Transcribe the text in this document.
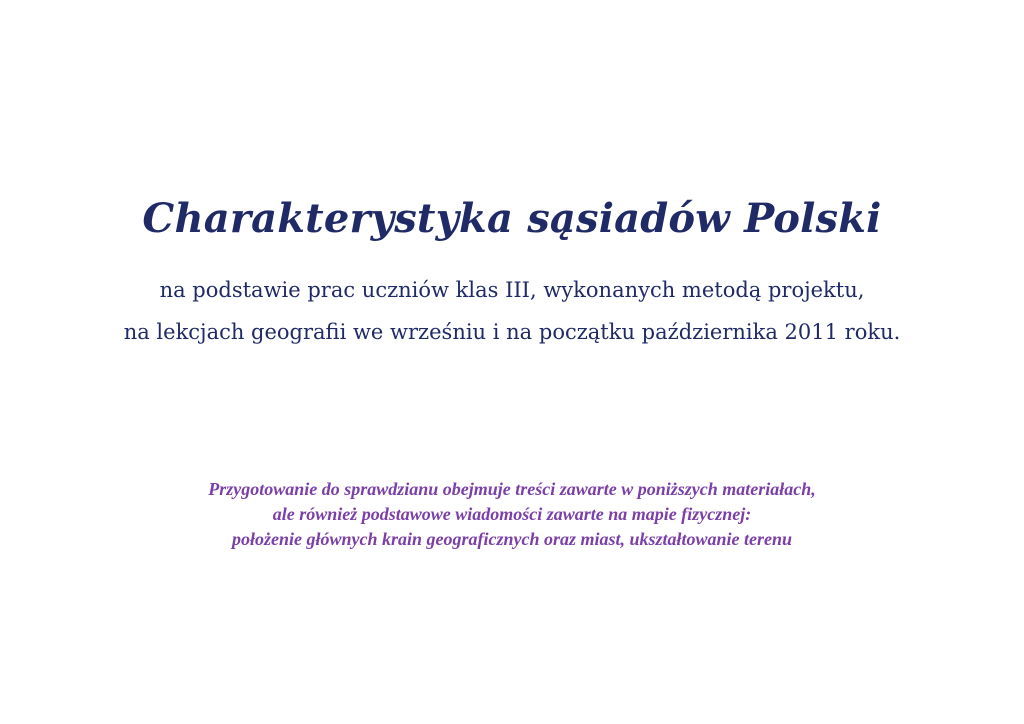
Charakterystyka sąsiadów Polski

na podstawie prac uczniów klas III, wykonanych metodą projektu,

na lekcjach geografii we wrześniu i na początku października 2011 roku.

Przygotowanie do sprawdzianu obejmuje treści zawarte w poniższych materiałach,

ale również podstawowe wiadomości zawarte na mapie fizycznej:

położenie głównych krain geograficznych oraz miast, ukształtowanie terenu
